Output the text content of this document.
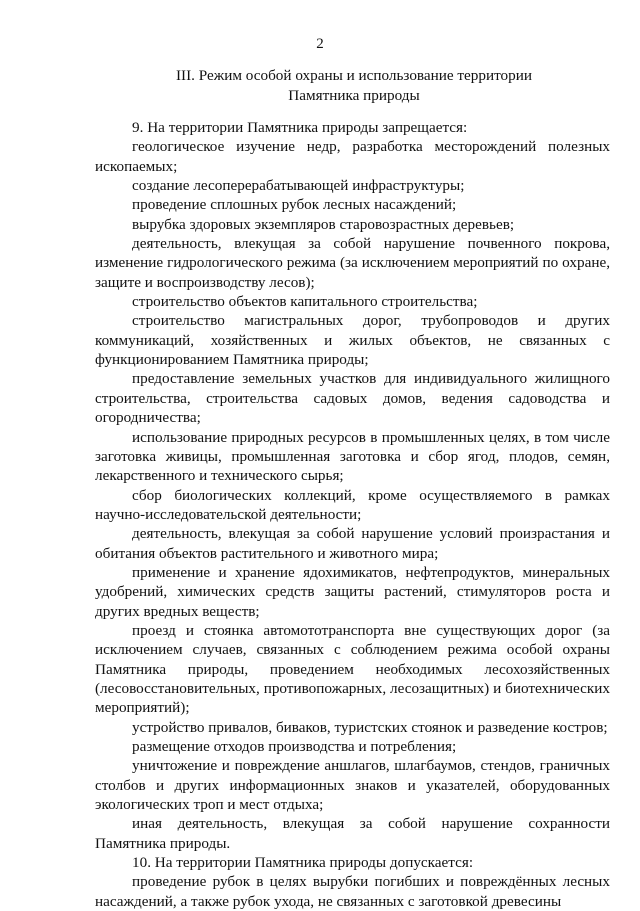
2
III. Режим особой охраны и использование территории
Памятника природы

9. На территории Памятника природы запрещается:

геологическое изучение недр, разработка месторождений полезных ископаемых;

создание лесоперерабатывающей инфраструктуры;

проведение сплошных рубок лесных насаждений;

вырубка здоровых экземпляров старовозрастных деревьев;

деятельность, влекущая за собой нарушение почвенного покрова, изменение гидрологического режима (за исключением мероприятий по охране, защите и воспроизводству лесов);

строительство объектов капитального строительства;

строительство магистральных дорог, трубопроводов и других коммуникаций, хозяйственных и жилых объектов, не связанных с функционированием Памятника природы;

предоставление земельных участков для индивидуального жилищного строительства, строительства садовых домов, ведения садоводства и огородничества;

использование природных ресурсов в промышленных целях, в том числе заготовка живицы, промышленная заготовка и сбор ягод, плодов, семян, лекарственного и технического сырья;

сбор биологических коллекций, кроме осуществляемого в рамках научно-исследовательской деятельности;

деятельность, влекущая за собой нарушение условий произрастания и обитания объектов растительного и животного мира;

применение и хранение ядохимикатов, нефтепродуктов, минеральных удобрений, химических средств защиты растений, стимуляторов роста и других вредных веществ;

проезд и стоянка автомототранспорта вне существующих дорог (за исключением случаев, связанных с соблюдением режима особой охраны Памятника природы, проведением необходимых лесохозяйственных (лесовосстановительных, противопожарных, лесозащитных) и биотехнических мероприятий);

устройство привалов, биваков, туристских стоянок и разведение костров;

размещение отходов производства и потребления;

уничтожение и повреждение аншлагов, шлагбаумов, стендов, граничных столбов и других информационных знаков и указателей, оборудованных экологических троп и мест отдыха;

иная деятельность, влекущая за собой нарушение сохранности Памятника природы.

10. На территории Памятника природы допускается:

проведение рубок в целях вырубки погибших и повреждённых лесных насаждений, а также рубок ухода, не связанных с заготовкой древесины
